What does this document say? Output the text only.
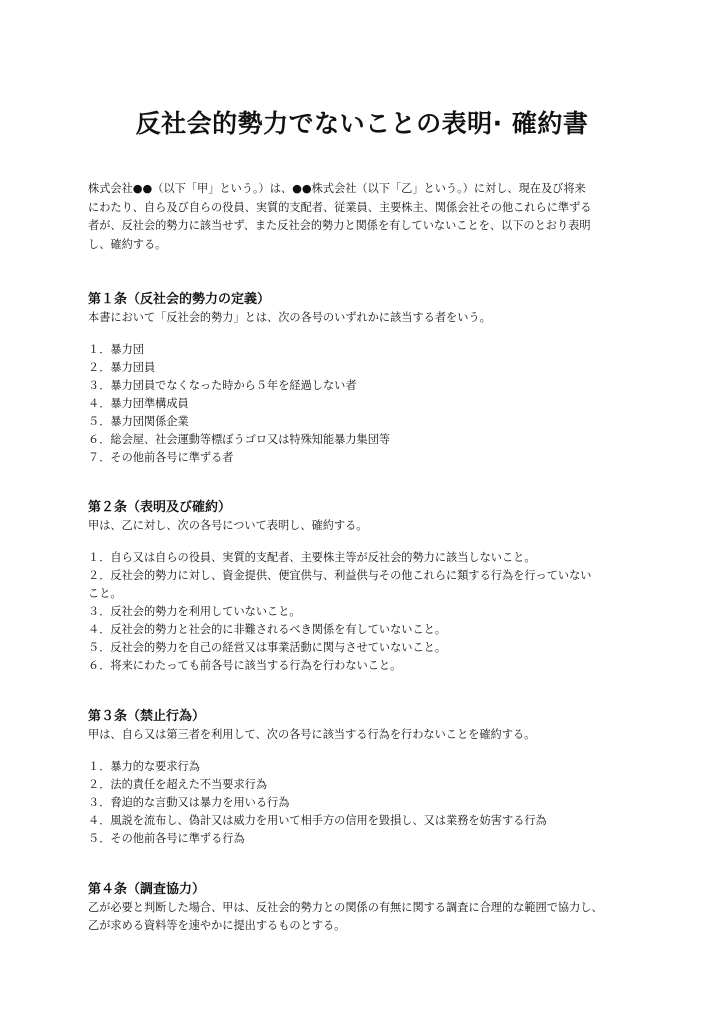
反社会的勢力でないことの表明· 確約書

株式会社●●（以下「甲」という。）は、●●株式会社（以下「乙」という。）に対し、現在及び将来
にわたり、自ら及び自らの役員、実質的支配者、従業員、主要株主、関係会社その他これらに準ずる
者が、反社会的勢力に該当せず、また反社会的勢力と関係を有していないことを、以下のとおり表明
し、確約する。

第１条（反社会的勢力の定義）

本書において「反社会的勢力」とは、次の各号のいずれかに該当する者をいう。

１．暴力団
２．暴力団員
３．暴力団員でなくなった時から５年を経過しない者
４．暴力団準構成員
５．暴力団関係企業
６．総会屋、社会運動等標ぼうゴロ又は特殊知能暴力集団等
７．その他前各号に準ずる者
第２条（表明及び確約）

甲は、乙に対し、次の各号について表明し、確約する。

１．自ら又は自らの役員、実質的支配者、主要株主等が反社会的勢力に該当しないこと。
２．反社会的勢力に対し、資金提供、便宜供与、利益供与その他これらに類する行為を行っていない
こと。
３．反社会的勢力を利用していないこと。
４．反社会的勢力と社会的に非難されるべき関係を有していないこと。
５．反社会的勢力を自己の経営又は事業活動に関与させていないこと。
６．将来にわたっても前各号に該当する行為を行わないこと。
第３条（禁止行為）

甲は、自ら又は第三者を利用して、次の各号に該当する行為を行わないことを確約する。

１．暴力的な要求行為
２．法的責任を超えた不当要求行為
３．脅迫的な言動又は暴力を用いる行為
４．風説を流布し、偽計又は威力を用いて相手方の信用を毀損し、又は業務を妨害する行為
５．その他前各号に準ずる行為
第４条（調査協力）

乙が必要と判断した場合、甲は、反社会的勢力との関係の有無に関する調査に合理的な範囲で協力し、
乙が求める資料等を速やかに提出するものとする。
